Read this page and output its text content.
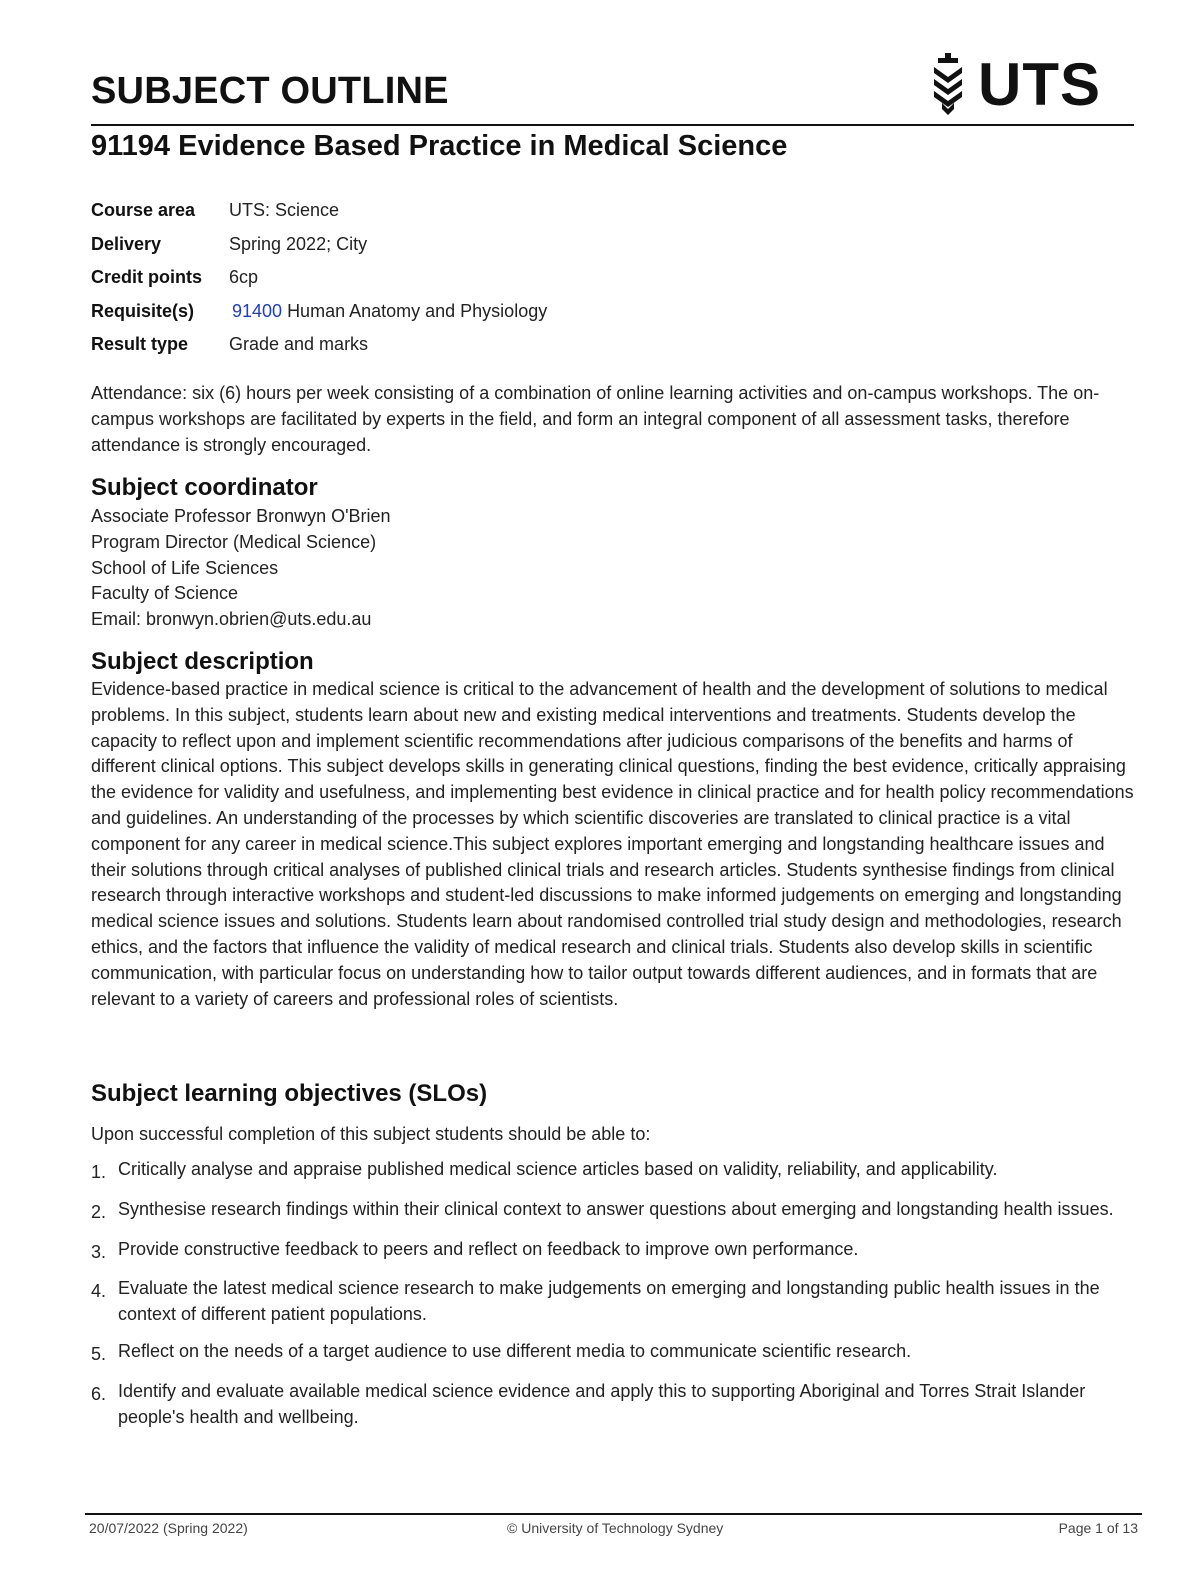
SUBJECT OUTLINE	UTS
91194 Evidence Based Practice in Medical Science
Course area	UTS: Science
Delivery	Spring 2022; City
Credit points	6cp
Requisite(s)	91400 Human Anatomy and Physiology
Result type	Grade and marks
Attendance: six (6) hours per week consisting of a combination of online learning activities and on-campus workshops. The on-campus workshops are facilitated by experts in the field, and form an integral component of all assessment tasks, therefore attendance is strongly encouraged.
Subject coordinator
Associate Professor Bronwyn O'Brien
Program Director (Medical Science)
School of Life Sciences
Faculty of Science
Email: bronwyn.obrien@uts.edu.au
Subject description
Evidence-based practice in medical science is critical to the advancement of health and the development of solutions to medical problems. In this subject, students learn about new and existing medical interventions and treatments. Students develop the capacity to reflect upon and implement scientific recommendations after judicious comparisons of the benefits and harms of different clinical options. This subject develops skills in generating clinical questions, finding the best evidence, critically appraising the evidence for validity and usefulness, and implementing best evidence in clinical practice and for health policy recommendations and guidelines. An understanding of the processes by which scientific discoveries are translated to clinical practice is a vital component for any career in medical science.This subject explores important emerging and longstanding healthcare issues and their solutions through critical analyses of published clinical trials and research articles. Students synthesise findings from clinical research through interactive workshops and student-led discussions to make informed judgements on emerging and longstanding medical science issues and solutions. Students learn about randomised controlled trial study design and methodologies, research ethics, and the factors that influence the validity of medical research and clinical trials. Students also develop skills in scientific communication, with particular focus on understanding how to tailor output towards different audiences, and in formats that are relevant to a variety of careers and professional roles of scientists.
Subject learning objectives (SLOs)
Upon successful completion of this subject students should be able to:
1. Critically analyse and appraise published medical science articles based on validity, reliability, and applicability.
2. Synthesise research findings within their clinical context to answer questions about emerging and longstanding health issues.
3. Provide constructive feedback to peers and reflect on feedback to improve own performance.
4. Evaluate the latest medical science research to make judgements on emerging and longstanding public health issues in the context of different patient populations.
5. Reflect on the needs of a target audience to use different media to communicate scientific research.
6. Identify and evaluate available medical science evidence and apply this to supporting Aboriginal and Torres Strait Islander people's health and wellbeing.
20/07/2022 (Spring 2022)	© University of Technology Sydney	Page 1 of 13
